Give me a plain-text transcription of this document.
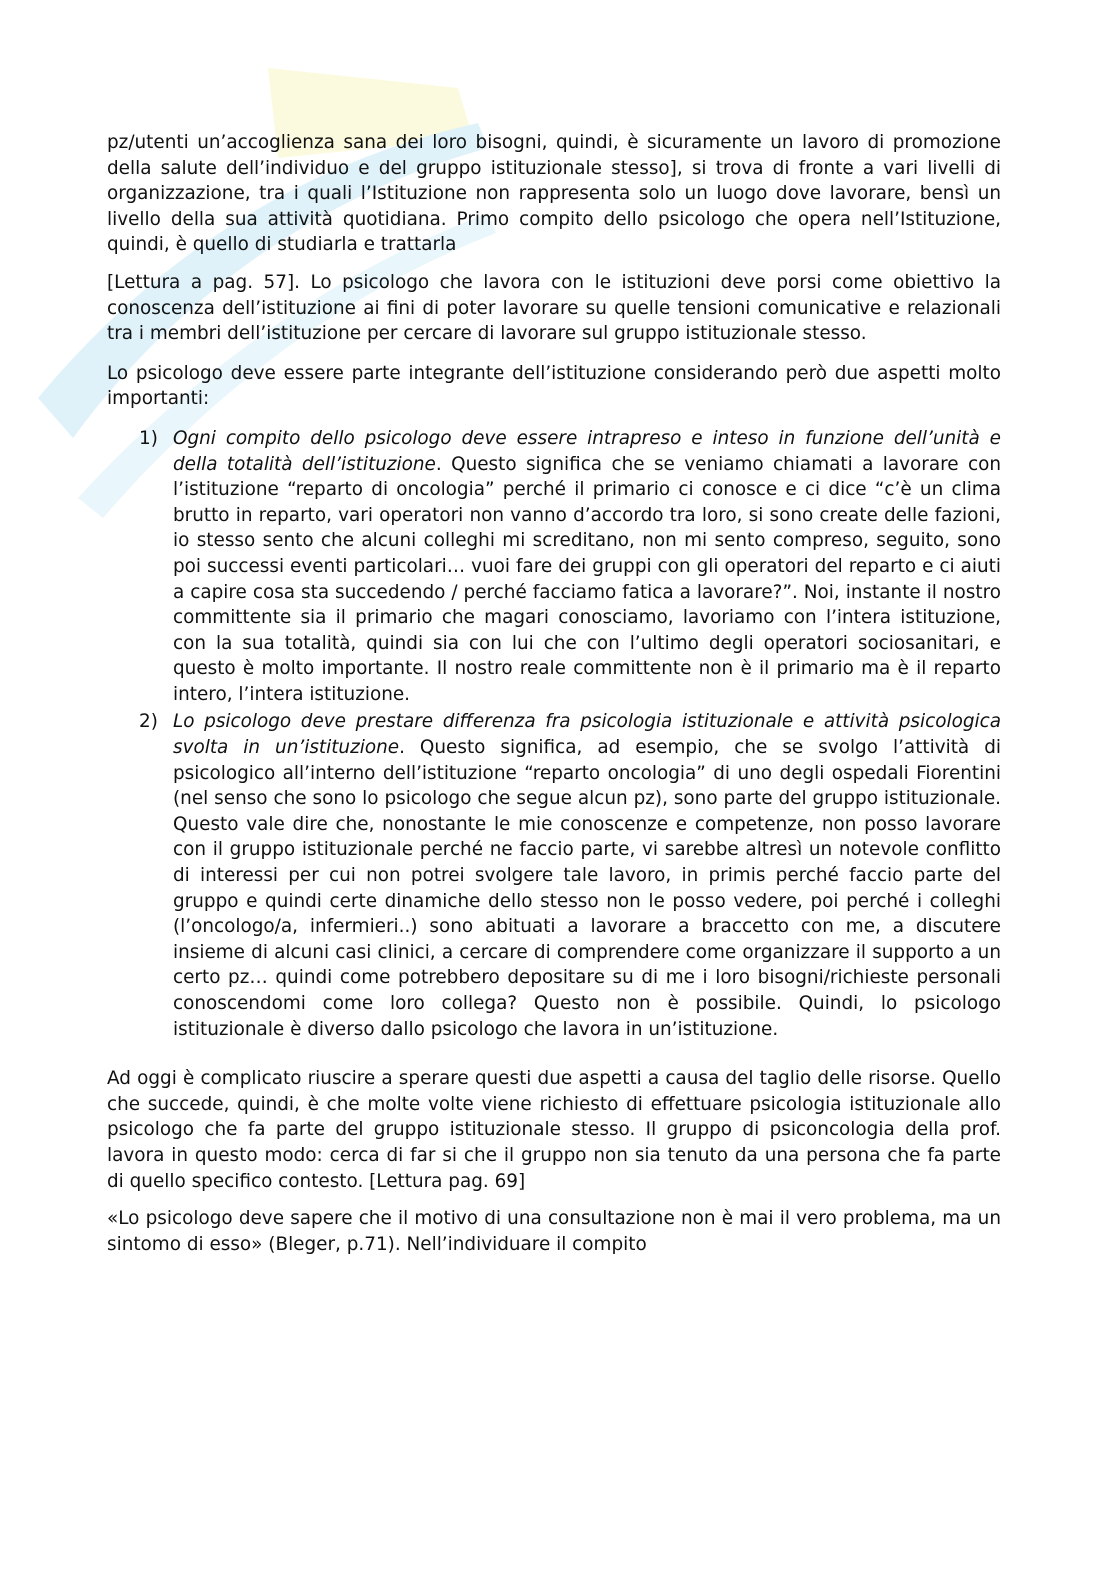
pz/utenti un’accoglienza sana dei loro bisogni, quindi, è sicuramente un lavoro di promozione della salute dell’individuo e del gruppo istituzionale stesso], si trova di fronte a vari livelli di organizzazione, tra i quali l’Istituzione non rappresenta solo un luogo dove lavorare, bensì un livello della sua attività quotidiana. Primo compito dello psicologo che opera nell’Istituzione, quindi, è quello di studiarla e trattarla

[Lettura a pag. 57]. Lo psicologo che lavora con le istituzioni deve porsi come obiettivo la conoscenza dell’istituzione ai fini di poter lavorare su quelle tensioni comunicative e relazionali tra i membri dell’istituzione per cercare di lavorare sul gruppo istituzionale stesso.

Lo psicologo deve essere parte integrante dell’istituzione considerando però due aspetti molto importanti:

1) Ogni compito dello psicologo deve essere intrapreso e inteso in funzione dell’unità e della totalità dell’istituzione. Questo significa che se veniamo chiamati a lavorare con l’istituzione “reparto di oncologia” perché il primario ci conosce e ci dice “c’è un clima brutto in reparto, vari operatori non vanno d’accordo tra loro, si sono create delle fazioni, io stesso sento che alcuni colleghi mi screditano, non mi sento compreso, seguito, sono poi successi eventi particolari… vuoi fare dei gruppi con gli operatori del reparto e ci aiuti a capire cosa sta succedendo / perché facciamo fatica a lavorare?”. Noi, instante il nostro committente sia il primario che magari conosciamo, lavoriamo con l’intera istituzione, con la sua totalità, quindi sia con lui che con l’ultimo degli operatori sociosanitari, e questo è molto importante. Il nostro reale committente non è il primario ma è il reparto intero, l’intera istituzione.
2) Lo psicologo deve prestare differenza fra psicologia istituzionale e attività psicologica svolta in un’istituzione. Questo significa, ad esempio, che se svolgo l’attività di psicologico all’interno dell’istituzione “reparto oncologia” di uno degli ospedali Fiorentini (nel senso che sono lo psicologo che segue alcun pz), sono parte del gruppo istituzionale. Questo vale dire che, nonostante le mie conoscenze e competenze, non posso lavorare con il gruppo istituzionale perché ne faccio parte, vi sarebbe altresì un notevole conflitto di interessi per cui non potrei svolgere tale lavoro, in primis perché faccio parte del gruppo e quindi certe dinamiche dello stesso non le posso vedere, poi perché i colleghi (l’oncologo/a, infermieri..) sono abituati a lavorare a braccetto con me, a discutere insieme di alcuni casi clinici, a cercare di comprendere come organizzare il supporto a un certo pz… quindi come potrebbero depositare su di me i loro bisogni/richieste personali conoscendomi come loro collega? Questo non è possibile. Quindi, lo psicologo istituzionale è diverso dallo psicologo che lavora in un’istituzione.

Ad oggi è complicato riuscire a sperare questi due aspetti a causa del taglio delle risorse. Quello che succede, quindi, è che molte volte viene richiesto di effettuare psicologia istituzionale allo psicologo che fa parte del gruppo istituzionale stesso. Il gruppo di psiconcologia della prof. lavora in questo modo: cerca di far si che il gruppo non sia tenuto da una persona che fa parte di quello specifico contesto. [Lettura pag. 69]

«Lo psicologo deve sapere che il motivo di una consultazione non è mai il vero problema, ma un sintomo di esso» (Bleger, p.71). Nell’individuare il compito
